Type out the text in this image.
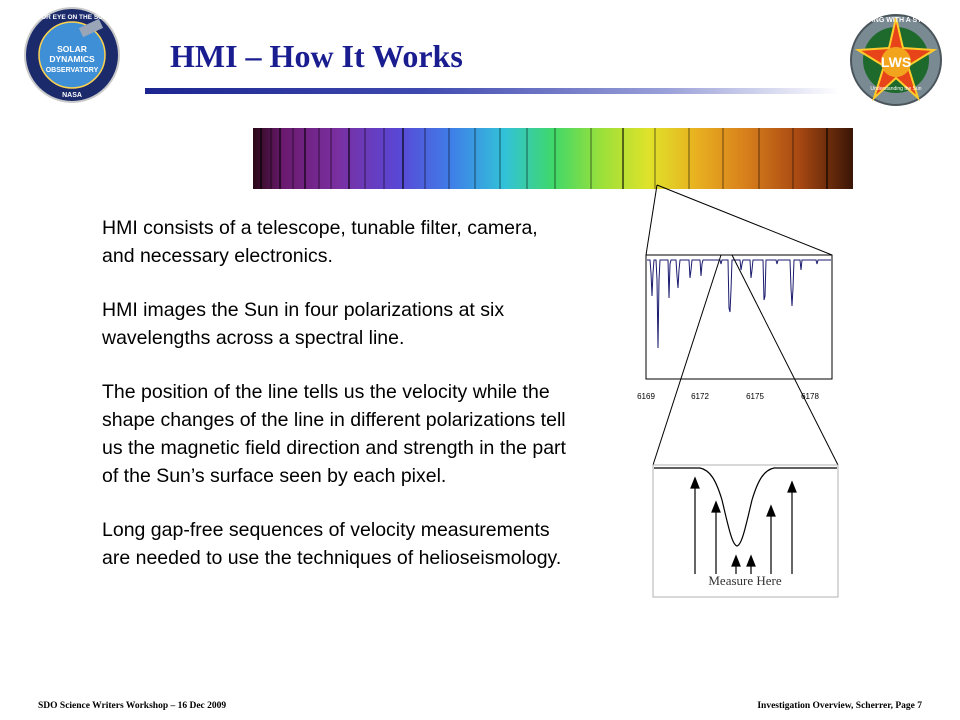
SOLAR
DYNAMICS
OBSERVATORY
OUR EYE ON THE SUN
NASA
LWS
LIVING WITH A STAR
Understanding the Sun
HMI – How It Works

HMI consists of a telescope, tunable filter, camera, and necessary electronics.

HMI images the Sun in four polarizations at six wavelengths across a spectral line.

The position of the line tells us the velocity while the shape changes of the line in different polarizations tell us the magnetic field direction and strength in the part of the Sun’s surface seen by each pixel.

Long gap-free sequences of velocity measurements are needed to use the techniques of helioseismology.

6169	6172	6175	6178
Measure Here
SDO Science Writers Workshop – 16 Dec 2009	Investigation Overview, Scherrer, Page 7
